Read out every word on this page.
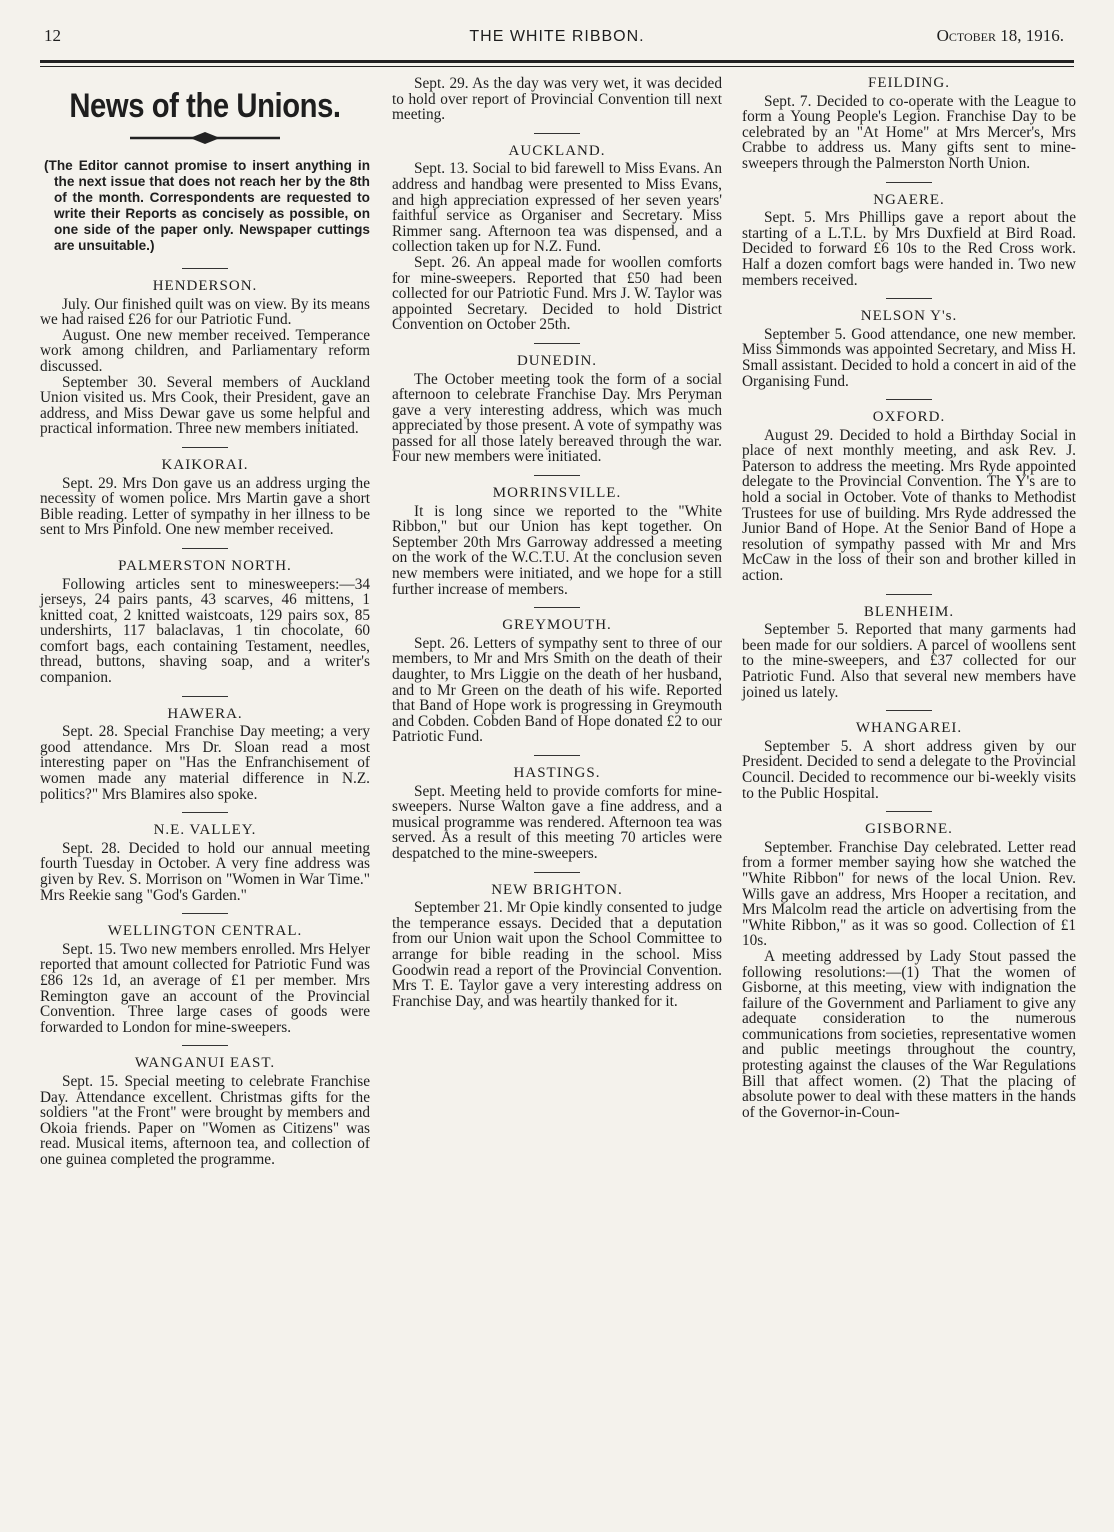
12	THE WHITE RIBBON.	October 18, 1916.
News of the Unions.
(The Editor cannot promise to insert anything in the next issue that does not reach her by the 8th of the month. Correspondents are requested to write their Reports as concisely as possible, on one side of the paper only. Newspaper cuttings are unsuitable.)
HENDERSON.

July. Our finished quilt was on view. By its means we had raised £26 for our Patriotic Fund.

August. One new member received. Temperance work among children, and Parliamentary reform discussed.

September 30. Several members of Auckland Union visited us. Mrs Cook, their President, gave an address, and Miss Dewar gave us some helpful and practical information. Three new members initiated.

KAIKORAI.

Sept. 29. Mrs Don gave us an address urging the necessity of women police. Mrs Martin gave a short Bible reading. Letter of sympathy in her illness to be sent to Mrs Pinfold. One new member received.

PALMERSTON NORTH.

Following articles sent to minesweepers:—34 jerseys, 24 pairs pants, 43 scarves, 46 mittens, 1 knitted coat, 2 knitted waistcoats, 129 pairs sox, 85 undershirts, 117 balaclavas, 1 tin chocolate, 60 comfort bags, each containing Testament, needles, thread, buttons, shaving soap, and a writer's companion.

HAWERA.

Sept. 28. Special Franchise Day meeting; a very good attendance. Mrs Dr. Sloan read a most interesting paper on "Has the Enfranchisement of women made any material difference in N.Z. politics?" Mrs Blamires also spoke.

N.E. VALLEY.

Sept. 28. Decided to hold our annual meeting fourth Tuesday in October. A very fine address was given by Rev. S. Morrison on "Women in War Time." Mrs Reekie sang "God's Garden."

WELLINGTON CENTRAL.

Sept. 15. Two new members enrolled. Mrs Helyer reported that amount collected for Patriotic Fund was £86 12s 1d, an average of £1 per member. Mrs Remington gave an account of the Provincial Convention. Three large cases of goods were forwarded to London for mine-sweepers.

WANGANUI EAST.

Sept. 15. Special meeting to celebrate Franchise Day. Attendance excellent. Christmas gifts for the soldiers "at the Front" were brought by members and Okoia friends. Paper on "Women as Citizens" was read. Musical items, afternoon tea, and collection of one guinea completed the programme.

Sept. 29. As the day was very wet, it was decided to hold over report of Provincial Convention till next meeting.

AUCKLAND.

Sept. 13. Social to bid farewell to Miss Evans. An address and handbag were presented to Miss Evans, and high appreciation expressed of her seven years' faithful service as Organiser and Secretary. Miss Rimmer sang. Afternoon tea was dispensed, and a collection taken up for N.Z. Fund.

Sept. 26. An appeal made for woollen comforts for mine-sweepers. Reported that £50 had been collected for our Patriotic Fund. Mrs J. W. Taylor was appointed Secretary. Decided to hold District Convention on October 25th.

DUNEDIN.

The October meeting took the form of a social afternoon to celebrate Franchise Day. Mrs Peryman gave a very interesting address, which was much appreciated by those present. A vote of sympathy was passed for all those lately bereaved through the war. Four new members were initiated.

MORRINSVILLE.

It is long since we reported to the "White Ribbon," but our Union has kept together. On September 20th Mrs Garroway addressed a meeting on the work of the W.C.T.U. At the conclusion seven new members were initiated, and we hope for a still further increase of members.

GREYMOUTH.

Sept. 26. Letters of sympathy sent to three of our members, to Mr and Mrs Smith on the death of their daughter, to Mrs Liggie on the death of her husband, and to Mr Green on the death of his wife. Reported that Band of Hope work is progressing in Greymouth and Cobden. Cobden Band of Hope donated £2 to our Patriotic Fund.

HASTINGS.

Sept. Meeting held to provide comforts for mine-sweepers. Nurse Walton gave a fine address, and a musical programme was rendered. Afternoon tea was served. As a result of this meeting 70 articles were despatched to the mine-sweepers.

NEW BRIGHTON.

September 21. Mr Opie kindly consented to judge the temperance essays. Decided that a deputation from our Union wait upon the School Committee to arrange for bible reading in the school. Miss Goodwin read a report of the Provincial Convention. Mrs T. E. Taylor gave a very interesting address on Franchise Day, and was heartily thanked for it.

FEILDING.

Sept. 7. Decided to co-operate with the League to form a Young People's Legion. Franchise Day to be celebrated by an "At Home" at Mrs Mercer's, Mrs Crabbe to address us. Many gifts sent to mine-sweepers through the Palmerston North Union.

NGAERE.

Sept. 5. Mrs Phillips gave a report about the starting of a L.T.L. by Mrs Duxfield at Bird Road. Decided to forward £6 10s to the Red Cross work. Half a dozen comfort bags were handed in. Two new members received.

NELSON Y's.

September 5. Good attendance, one new member. Miss Simmonds was appointed Secretary, and Miss H. Small assistant. Decided to hold a concert in aid of the Organising Fund.

OXFORD.

August 29. Decided to hold a Birthday Social in place of next monthly meeting, and ask Rev. J. Paterson to address the meeting. Mrs Ryde appointed delegate to the Provincial Convention. The Y's are to hold a social in October. Vote of thanks to Methodist Trustees for use of building. Mrs Ryde addressed the Junior Band of Hope. At the Senior Band of Hope a resolution of sympathy passed with Mr and Mrs McCaw in the loss of their son and brother killed in action.

BLENHEIM.

September 5. Reported that many garments had been made for our soldiers. A parcel of woollens sent to the mine-sweepers, and £37 collected for our Patriotic Fund. Also that several new members have joined us lately.

WHANGAREI.

September 5. A short address given by our President. Decided to send a delegate to the Provincial Council. Decided to recommence our bi-weekly visits to the Public Hospital.

GISBORNE.

September. Franchise Day celebrated. Letter read from a former member saying how she watched the "White Ribbon" for news of the local Union. Rev. Wills gave an address, Mrs Hooper a recitation, and Mrs Malcolm read the article on advertising from the "White Ribbon," as it was so good. Collection of £1 10s.

A meeting addressed by Lady Stout passed the following resolutions:—(1) That the women of Gisborne, at this meeting, view with indignation the failure of the Government and Parliament to give any adequate consideration to the numerous communications from societies, representative women and public meetings throughout the country, protesting against the clauses of the War Regulations Bill that affect women. (2) That the placing of absolute power to deal with these matters in the hands of the Governor-in-Coun-
